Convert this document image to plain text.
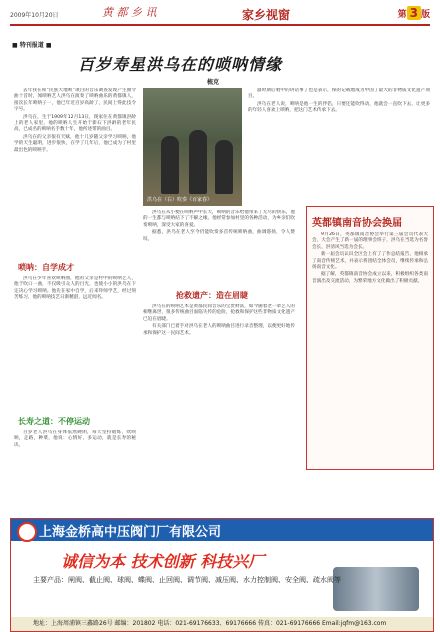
2009年10月20日	黄 都 乡 讯	家乡视窗	第 3 版
■ 特刊报道 ■
百岁寿星洪乌在的唢呐情缘
梳克

去年我在和“民族大地唢”项目的音乐调查发现产生曲令曲十首时，闻唢呐艺人洪乌在演奏了唢呐曲乐的黄都镇人，接次长年唢呐子一，他已年近百岁高龄了，民间上得此技令字号。

洪乌在，生于1909年12月13日，现家住在黄都镇洪龄上的老人家里，他的唢呐人生开始于新石下洪龄的老年民高，已成名的唢呐名手数十年，他所述带的曲目。

洪乌在的父亲很有天赋，他十几岁随父亲学习唢呐，他学的天生聪明，进步很快，在学了几年后，他已成为了村里最出色的唢呐手。

唢呐：自学成才

洪乌在少年喜欢唢呐曲，他的父亲是村中的唢呐艺人，他于吹口一曲，不仅吸引众人的目光，也使小小的洪乌在下定决心学习唢呐。他先在家中自学，后来拜师学艺，经过刻苦练习，他的唢呐技艺日渐精湛，远近闻名。

长寿之道：不停运动

百岁老人洪乌在身体依然硬朗，每天坚持锻炼，吹唢呐，走路，种菜，他说：心情好，多运动，就是长寿的秘诀。

洪乌在（右）吹奏《百家春》

洪乌在从小便在唢呐声中长大，唢呐的音乐给他带来了无尽的快乐，他的一生都与唢呐结下了不解之缘。他经常参加村里的各种活动，为乡亲们吹奏唢呐，深受大家的喜爱。

据悉，洪乌在老人至今仍能吹奏多首传统唢呐曲，曲调悠扬，令人赞叹。

抢救遗产：造在眉睫

洪乌在的唢呐艺术是黄都民间音乐的宝贵财富，如今随着老一辈艺人的相继离世，很多传统曲目面临失传的危险，抢救和保护这些非物质文化遗产已迫在眉睫。

有关部门已着手对洪乌在老人的唢呐曲目进行录音整理，以便更好地传承和保护这一民间艺术。

器时期后唱中的讲话事了也是表示，保的记载地成为中国了最大的非物质文化遗产项目。

洪乌在老人说，唢呐是他一生的伴侣，只要还能吹得动，他就会一直吹下去，让更多的年轻人喜欢上唢呐，把这门艺术传承下去。

英都镇南音协会换届

9月26日，英都镇南音协会举行第三届会员代表大会，大会产生了新一届的理事会班子，洪乌在当选为名誉会长，洪清风当选为会长。

新一届会员认识全区会上有了了作总结报告，他相承了南音传统艺术，并表示将团结全体会员，继续传承和弘扬南音文化。

据了解，英都镇南音协会成立以来，积极组织各类南音演出及交流活动，为繁荣地方文化做出了积极贡献。

上海金桥高中压阀门厂有限公司
诚信为本 技术创新 科技兴厂
主要产品：闸阀、截止阀、球阀、蝶阀、止回阀、调节阀、减压阀、水力控制阀、安全阀、疏水阀等
地址：上海周浦镇三鑫路26号 邮编：201802 电话：021-69176633、69176666 传真：021-69176666 Email:jqfm@163.com
